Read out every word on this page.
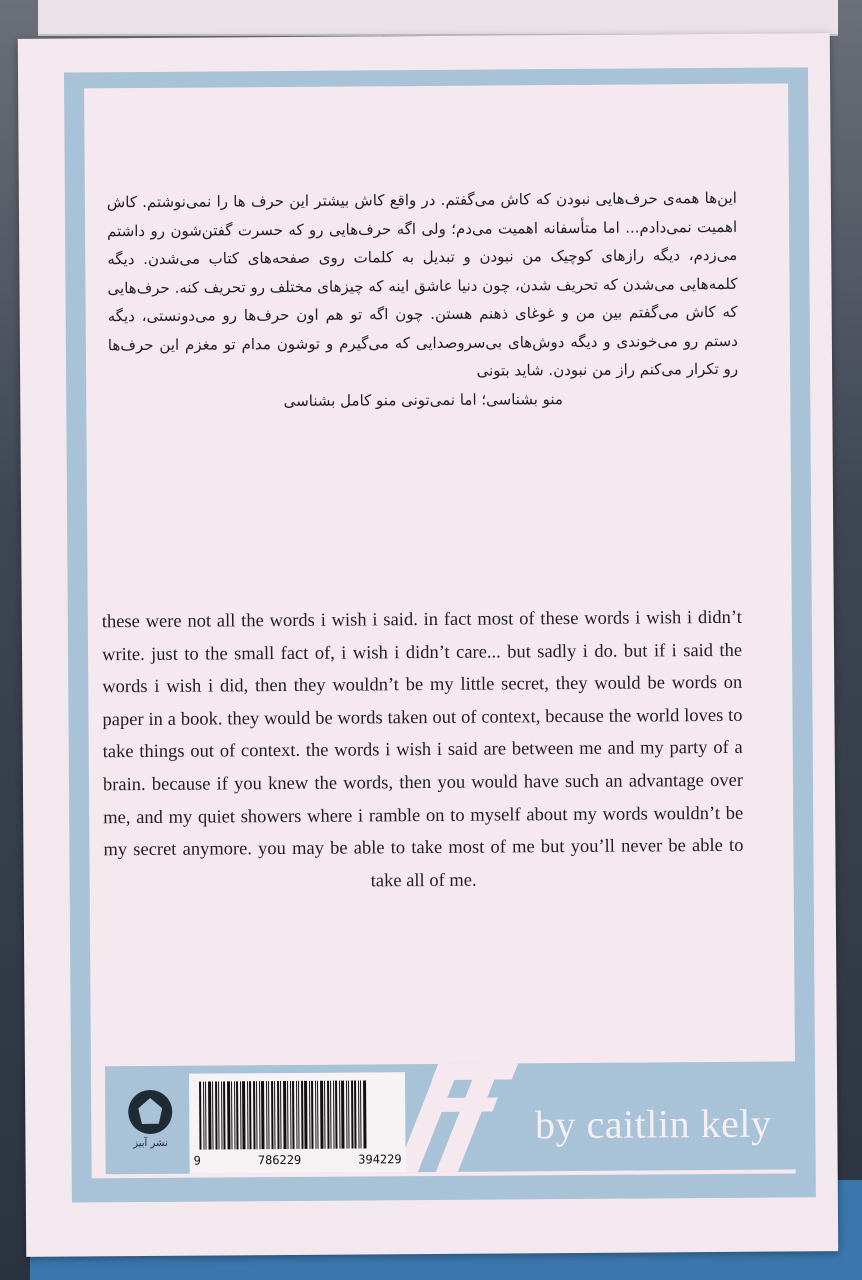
این‌ها همه‌ی حرف‌هایی نبودن که کاش می‌گفتم. در واقع کاش بیشتر این حرف ها را نمی‌نوشتم. کاش اهمیت نمی‌دادم... اما متأسفانه اهمیت می‌دم؛ ولی اگه حرف‌هایی رو که حسرت گفتن‌شون رو داشتم می‌زدم، دیگه رازهای کوچیک من نبودن و تبدیل به کلمات روی صفحه‌های کتاب می‌شدن. دیگه کلمه‌هایی می‌شدن که تحریف شدن، چون دنیا عاشق اینه که چیزهای مختلف رو تحریف کنه. حرف‌هایی که کاش می‌گفتم بین من و غوغای ذهنم هستن. چون اگه تو هم اون حرف‌ها رو می‌دونستی، دیگه دستم رو می‌خوندی و دیگه دوش‌های بی‌سروصدایی که می‌گیرم و توشون مدام تو مغزم این حرف‌ها رو تکرار می‌کنم راز من نبودن. شاید بتونی
منو بشناسی؛ اما نمی‌تونی منو کامل بشناسی
these were not all the words i wish i said. in fact most of these words i wish i didn’t write. just to the small fact of, i wish i didn’t care... but sadly i do. but if i said the words i wish i did, then they wouldn’t be my little secret, they would be words on paper in a book. they would be words taken out of context, because the world loves to take things out of context. the words i wish i said are between me and my party of a brain. because if you knew the words, then you would have such an advantage over me, and my quiet showers where i ramble on to myself about my words wouldn’t be my secret anymore. you may be able to take most of me but you’ll never be able to take all of me.
نشر آبیز
9	786229	394229
by caitlin kely
